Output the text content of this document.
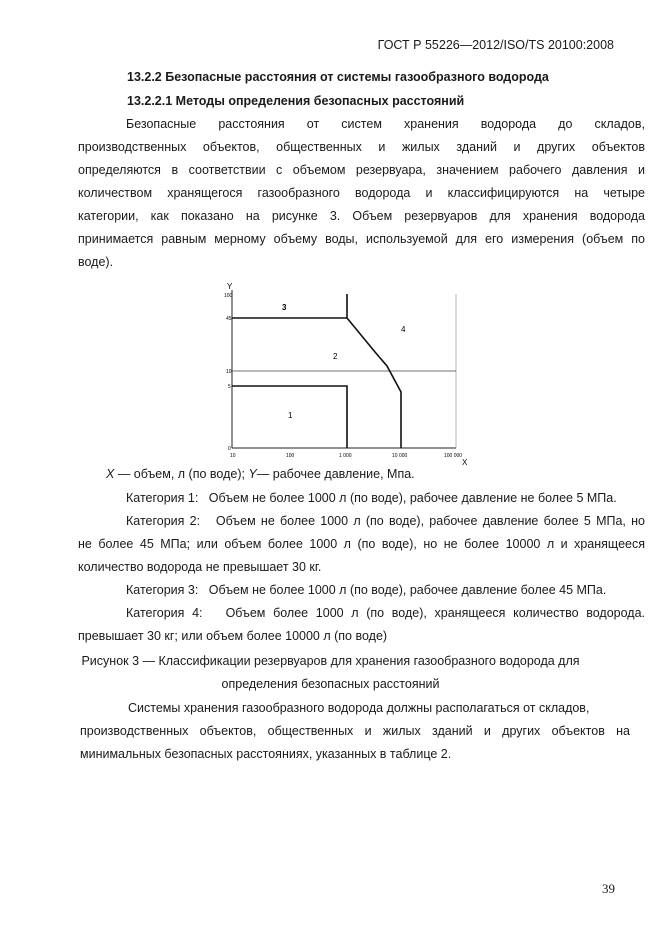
ГОСТ Р 55226—2012/ISO/TS 20100:2008
13.2.2 Безопасные расстояния от системы газообразного водорода
13.2.2.1 Методы определения безопасных расстояний
Безопасные расстояния от систем хранения водорода до складов,
производственных объектов, общественных и жилых зданий и других объектов
определяются в соответствии с объемом резервуара, значением рабочего давления и
количеством хранящегося газообразного водорода и классифицируются на четыре
категории, как показано на рисунке 3. Объем резервуаров для хранения водорода
принимается равным мерному объему воды, используемой для его измерения (объем по
воде).
Y
X
100
45
10
5
0
10	100	1 000	10 000	100 000
1
2
3
4
X — объем, л (по воде); Y— рабочее давление, Мпа.
Категория 1: Объем не более 1000 л (по воде), рабочее давление не более 5 МПа.
Категория 2: Объем не более 1000 л (по воде), рабочее давление более 5 МПа, но
не более 45 МПа; или объем более 1000 л (по воде), но не более 10000 л и хранящееся
количество водорода не превышает 30 кг.
Категория 3: Объем не более 1000 л (по воде), рабочее давление более 45 МПа.
Категория 4: Объем более 1000 л (по воде), хранящееся количество водорода.
превышает 30 кг; или объем более 10000 л (по воде)
Рисунок 3 — Классификации резервуаров для хранения газообразного водорода для
определения безопасных расстояний
Системы хранения газообразного водорода должны располагаться от складов,
производственных объектов, общественных и жилых зданий и других объектов на
минимальных безопасных расстояниях, указанных в таблице 2.
39
